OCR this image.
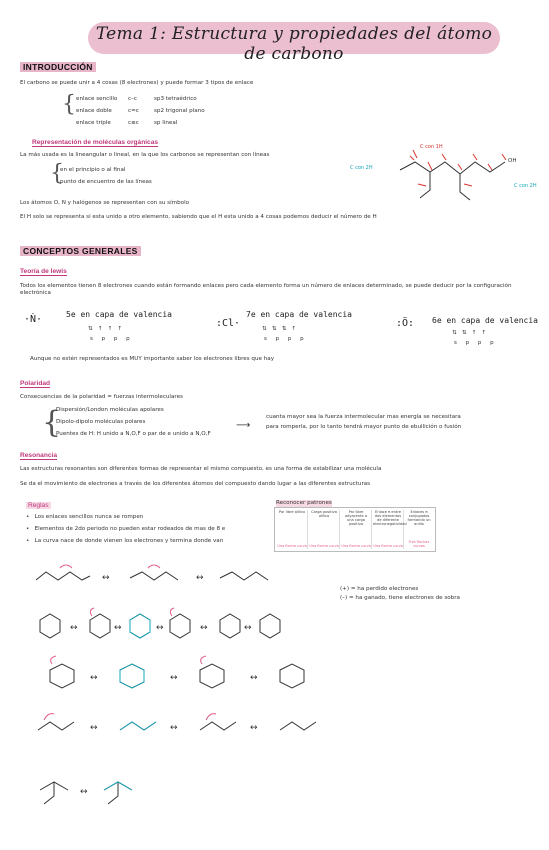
Tema 1: Estructura y propiedades del átomo de carbono
INTRODUCCIÓN
El carbono se puede unir a 4 cosas (8 electrones) y puede formar 3 tipos de enlace
{ enlace sencillo c–c	sp3 tetraédrico
enlace doble	c=c	sp2 trigonal plano
enlace triple	c≡c	sp lineal
Representación de moléculas orgánicas
La más usada es la lineangular o lineal, en la que los carbonos se representan con líneas
{
en el principio o al final
punto de encuentro de las líneas
Los átomos O, N y halógenos se representan con su símbolo
El H solo se representa si esta unido a otro elemento, sabiendo que el H esta unido a 4 cosas podemos deducir el número de H
C con 1H
C con 2H
C con 2H
OH
CONCEPTOS GENERALES
Teoría de lewis
Todos los elementos tienen 8 electrones cuando están formando enlaces pero cada elemento forma un número de enlaces determinado, se puede deducir por la configuración electrónica
·Ṅ·	5e en capa de valencia
⇅   ↑   ↑   ↑
s p p p
:Cl·
7e en capa de valencia
⇅   ⇅   ⇅   ↑
s p p p
:Ö: 6e en capa de valencia
⇅   ⇅   ↑   ↑
s p p p
Aunque no estén representados es MUY importante saber los electrones libres que hay
Polaridad
Consecuencias de la polaridad = fuerzas intermoleculares
{
Dispersión/London moléculas apolares
Dipolo-dipolo moléculas polares
Puentes de H: H unido a N,O,F o par de e unido a N,O,F
⟶
cuanta mayor sea la fuerza intermolecular mas energía se necesitara
para romperla, por lo tanto tendrá mayor punto de ebullición o fusión
Resonancia
Las estructuras resonantes son diferentes formas de representar el mismo compuesto, es una forma de estabilizar una molécula
Se da el movimiento de electrones a través de los diferentes átomos del compuesto dando lugar a las diferentes estructuras
Reglas
•   Los enlaces sencillos nunca se rompen
•   Elementos de 2do periodo no pueden estar rodeados de mas de 8 e
•   La curva nace de donde vienen los electrones y termina donde van
Reconocer patrones
Par libre alílico
Una flecha curva
Carga positiva alílica
Una flecha curva
Par libre adyacente a una carga positiva
Una flecha curva
Enlace π entre dos elementos de diferente electronegatividad
Una flecha curva
Enlaces π conjugados formando un anillo
Tres flechas curvas
(+) = ha perdido electrones
(–) = ha ganado, tiene electrones de sobra
↔	↔
↔	↔	↔	↔	↔
↔	↔	↔
↔	↔	↔
↔
